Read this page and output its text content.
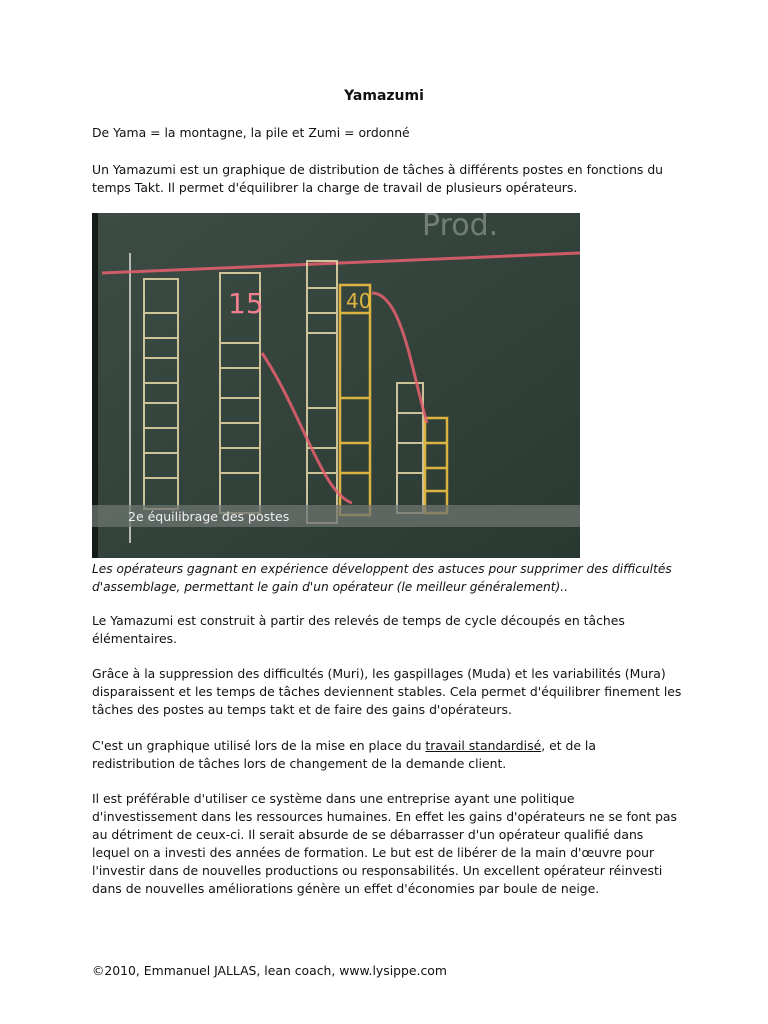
Yamazumi

De Yama = la montagne, la pile et Zumi = ordonné

Un Yamazumi est un graphique de distribution de tâches à différents postes en fonctions du temps Takt. Il permet d'équilibrer la charge de travail de plusieurs opérateurs.

Prod.
15	40
2e équilibrage des postes

Les opérateurs gagnant en expérience développent des astuces pour supprimer des difficultés d'assemblage, permettant le gain d'un opérateur (le meilleur généralement)..

Le Yamazumi est construit à partir des relevés de temps de cycle découpés en tâches élémentaires.

Grâce à la suppression des difficultés (Muri), les gaspillages (Muda) et les variabilités (Mura) disparaissent et les temps de tâches deviennent stables. Cela permet d'équilibrer finement les tâches des postes au temps takt et de faire des gains d'opérateurs.

C'est un graphique utilisé lors de la mise en place du travail standardisé, et de la redistribution de tâches lors de changement de la demande client.

Il est préférable d'utiliser ce système dans une entreprise ayant une politique d'investissement dans les ressources humaines. En effet les gains d'opérateurs ne se font pas au détriment de ceux-ci. Il serait absurde de se débarrasser d'un opérateur qualifié dans lequel on a investi des années de formation. Le but est de libérer de la main d'œuvre pour l'investir dans de nouvelles productions ou responsabilités. Un excellent opérateur réinvesti dans de nouvelles améliorations génère un effet d'économies par boule de neige.

©2010, Emmanuel JALLAS, lean coach, www.lysippe.com
